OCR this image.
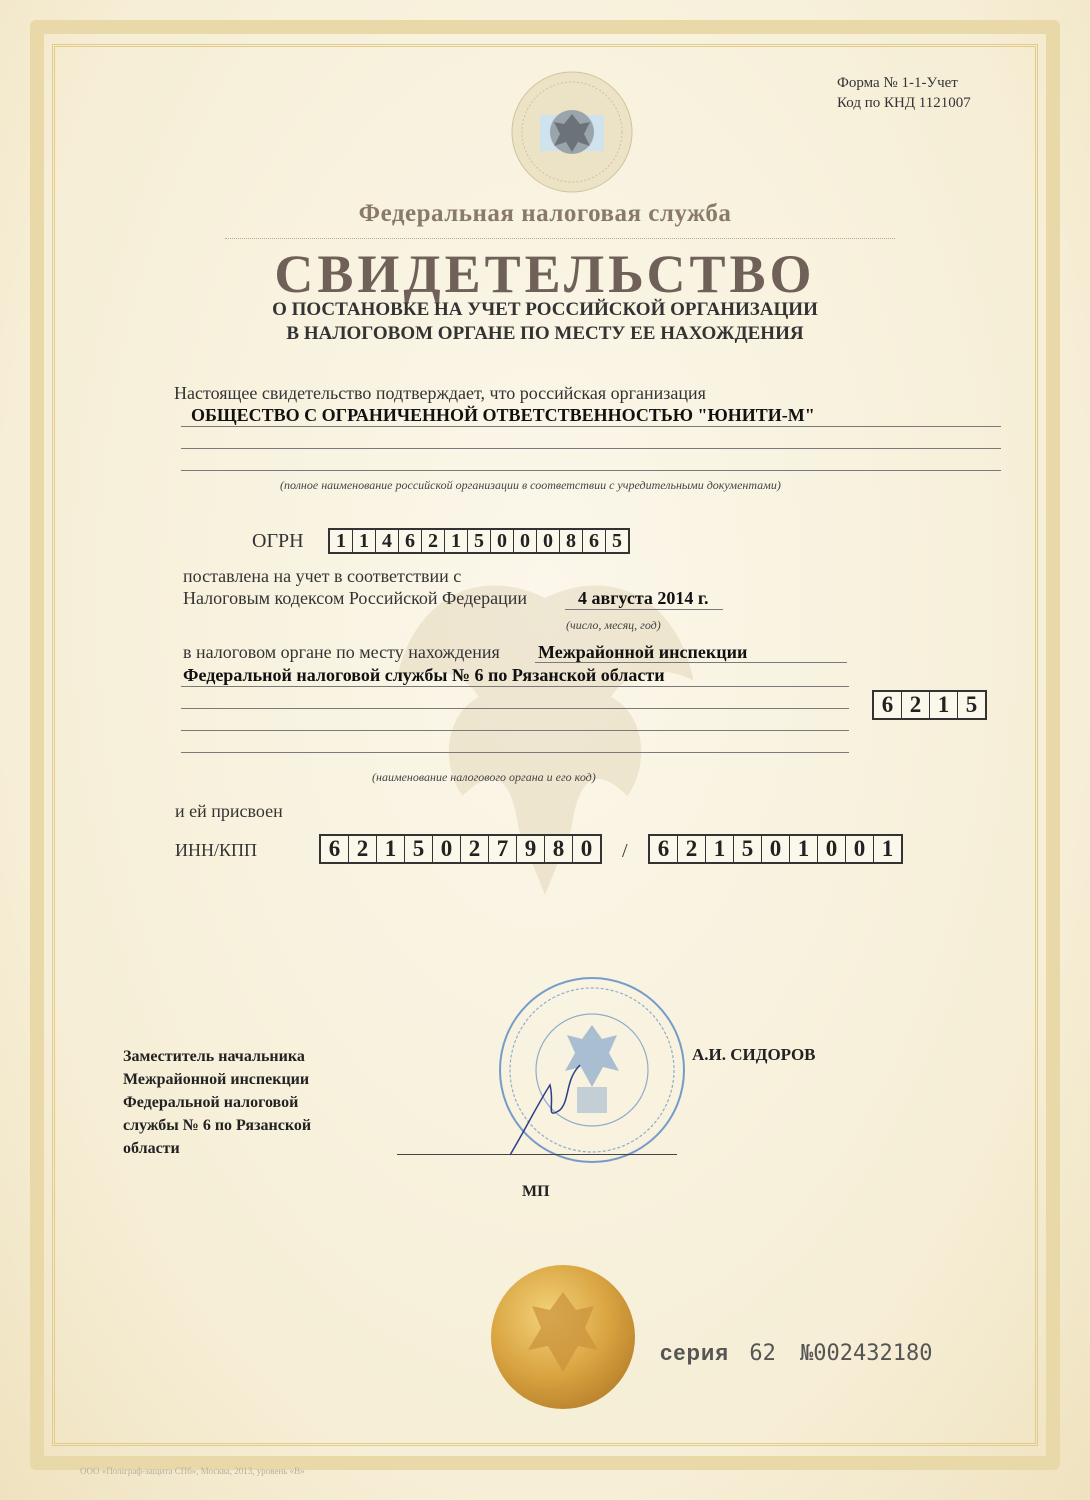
Форма № 1-1-Учет
Код по КНД 1121007
Федеральная налоговая служба
СВИДЕТЕЛЬСТВО
О ПОСТАНОВКЕ НА УЧЕТ РОССИЙСКОЙ ОРГАНИЗАЦИИ
В НАЛОГОВОМ ОРГАНЕ ПО МЕСТУ ЕЕ НАХОЖДЕНИЯ
Настоящее свидетельство подтверждает, что российская организация
ОБЩЕСТВО С ОГРАНИЧЕННОЙ ОТВЕТСТВЕННОСТЬЮ "ЮНИТИ-М"
(полное наименование российской организации в соответствии с учредительными документами)
ОГРН	1 1 4 6 2 1 5 0 0 0 8 6 5
поставлена на учет в соответствии с
Налоговым кодексом Российской Федерации	4 августа 2014 г.
(число, месяц, год)
в налоговом органе по месту нахождения Межрайонной инспекции
Федеральной налоговой службы № 6 по Рязанской области
6 2 1 5
(наименование налогового органа и его код)
и ей присвоен
ИНН/КПП	6 2 1 5 0 2 7 9 8 0	/	6 2 1 5 0 1 0 0 1
Заместитель начальника
Межрайонной инспекции
Федеральной налоговой
службы № 6 по Рязанской
области
А.И. СИДОРОВ
МП
серия 62 №002432180
ООО «Поліграф-защита СПб», Москва, 2013, уровень «В»
